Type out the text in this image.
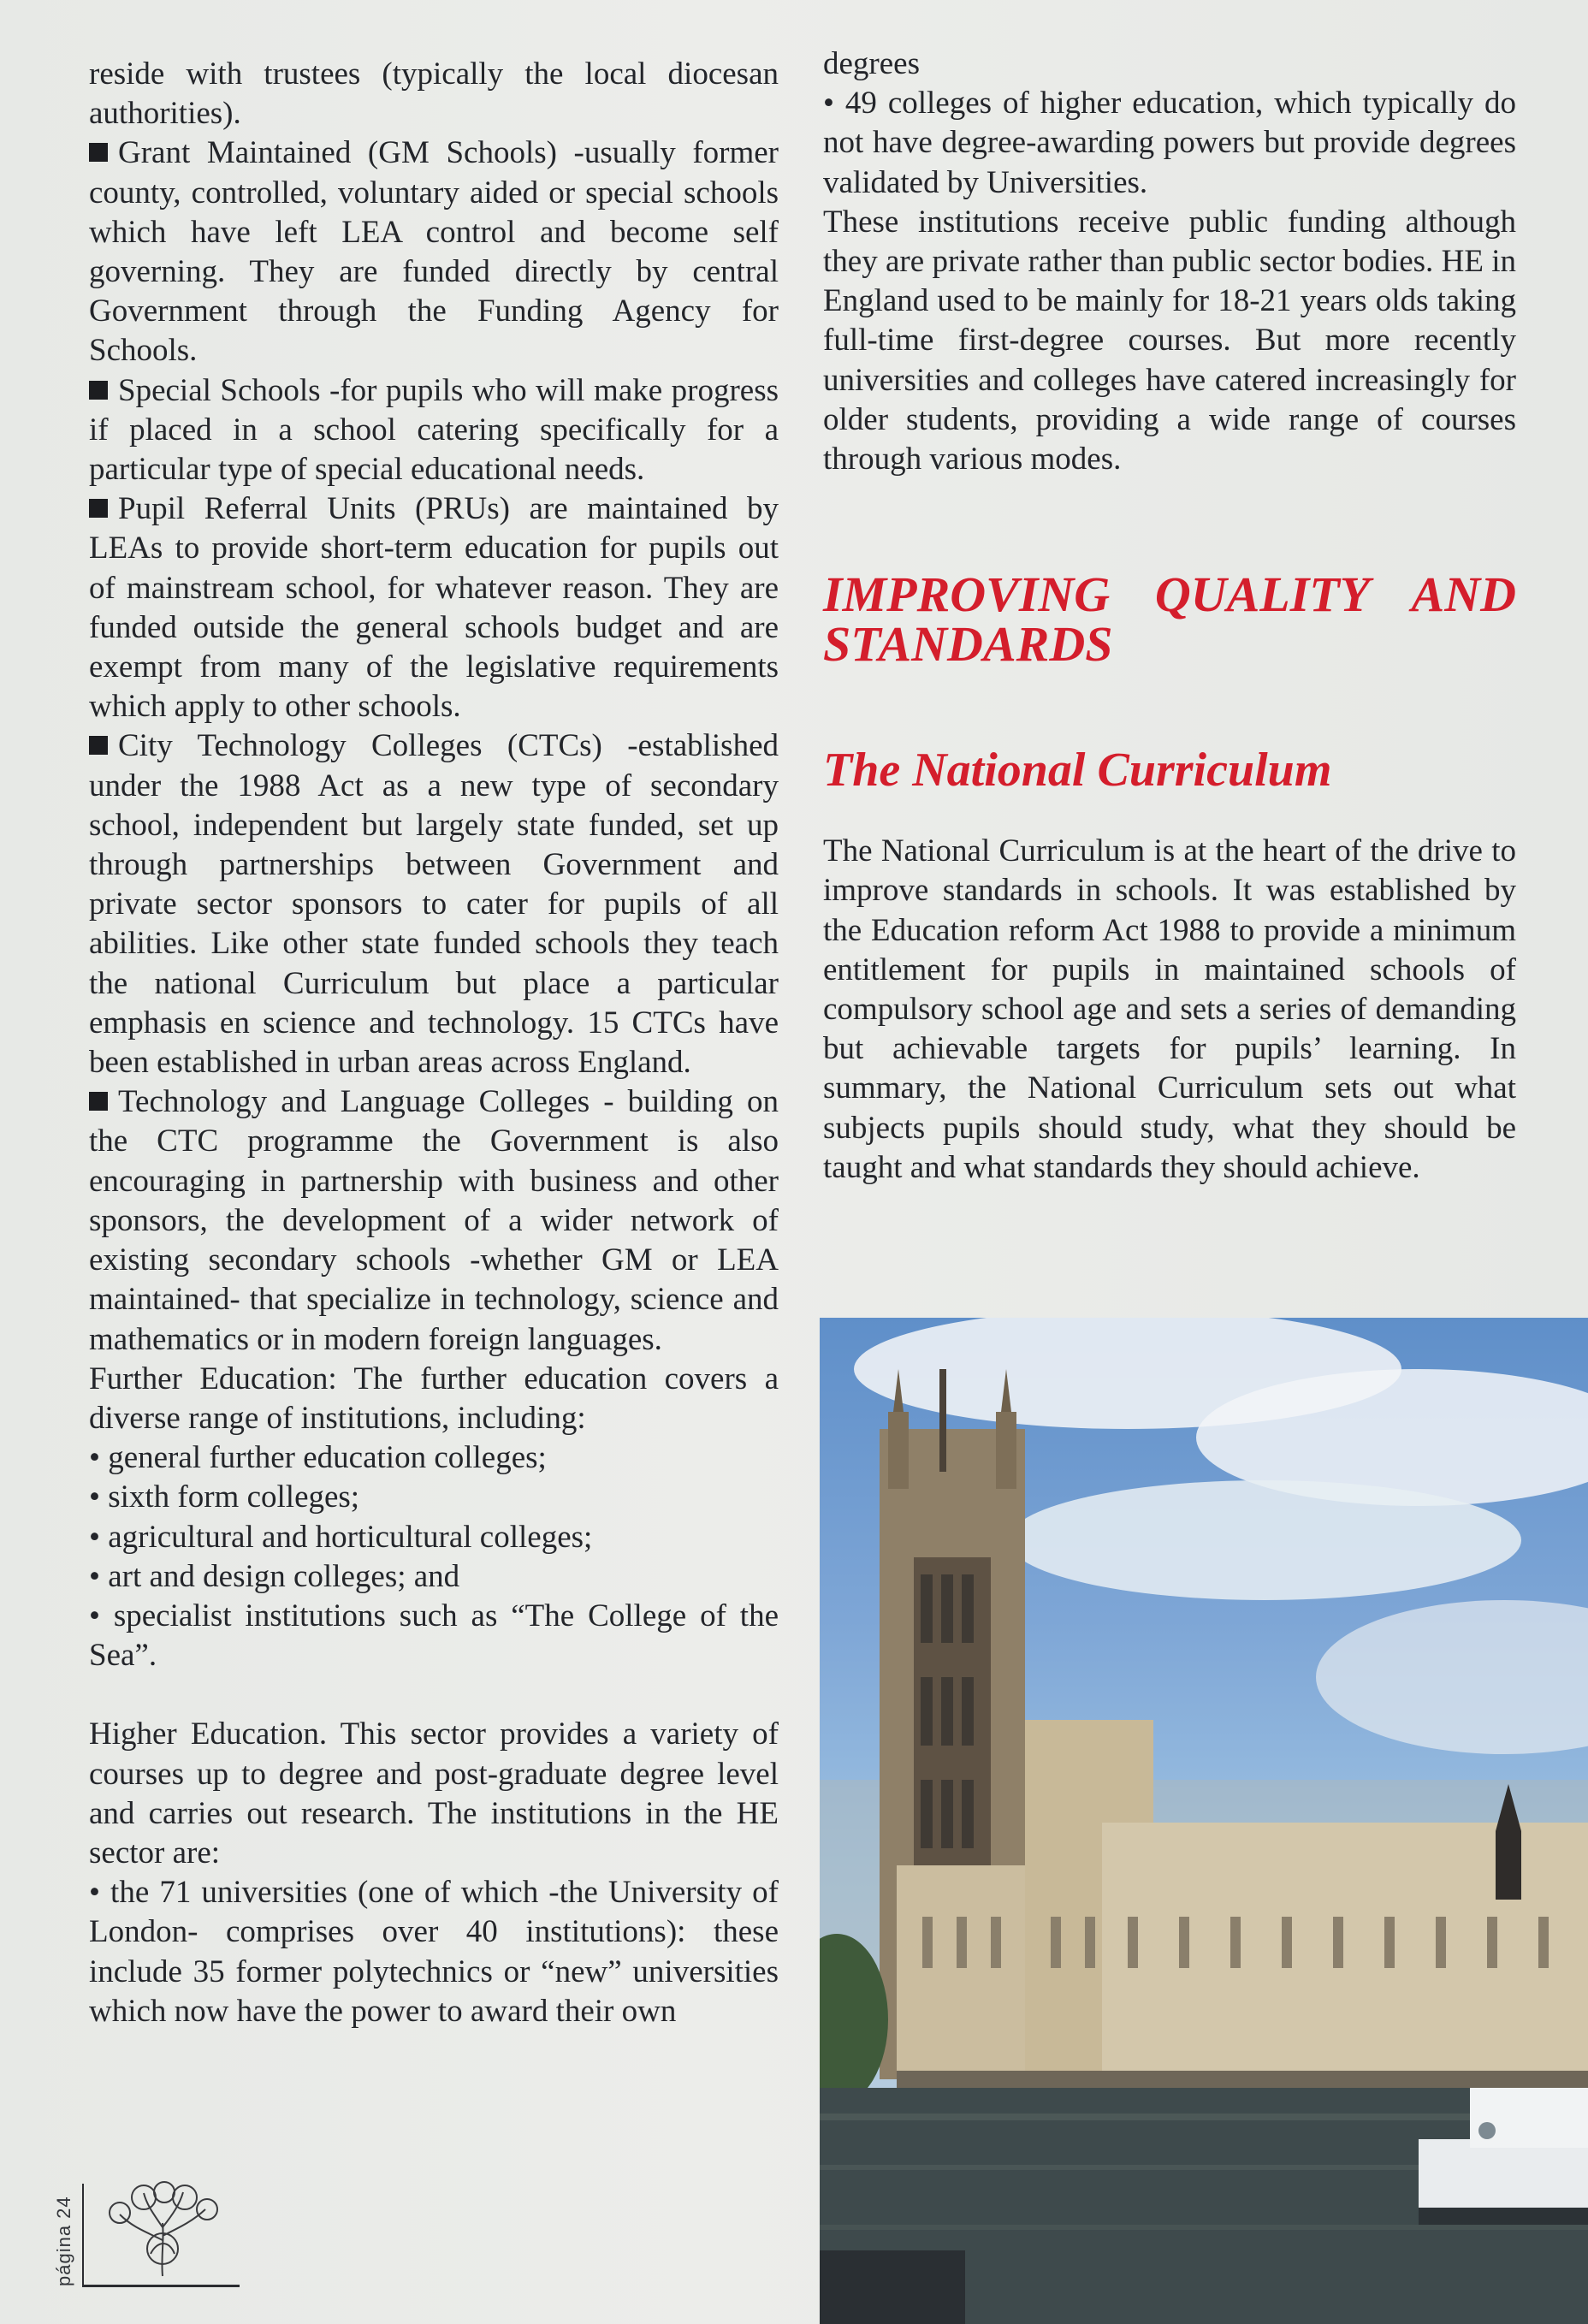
reside with trustees (typically the local diocesan authorities).

Grant Maintained (GM Schools) -usually former county, controlled, voluntary aided or special schools which have left LEA control and become self governing. They are funded directly by central Government through the Funding Agency for Schools.

Special Schools -for pupils who will make progress if placed in a school catering specifically for a particular type of special educational needs.

Pupil Referral Units (PRUs) are maintained by LEAs to provide short-term education for pupils out of mainstream school, for whatever reason. They are funded outside the general schools budget and are exempt from many of the legislative requirements which apply to other schools.

City Technology Colleges (CTCs) -established under the 1988 Act as a new type of secondary school, independent but largely state funded, set up through partnerships between Government and private sector sponsors to cater for pupils of all abilities. Like other state funded schools they teach the national Curriculum but place a particular emphasis en science and technology. 15 CTCs have been established in urban areas across England.

Technology and Language Colleges - building on the CTC programme the Government is also encouraging in partnership with business and other sponsors, the development of a wider network of existing secondary schools -whether GM or LEA maintained- that specialize in technology, science and mathematics or in modern foreign languages.

Further Education: The further education covers a diverse range of institutions, including:

• general further education colleges;

• sixth form colleges;

• agricultural and horticultural colleges;

• art and design colleges; and

• specialist institutions such as “The College of the Sea”.

Higher Education. This sector provides a variety of courses up to degree and post-graduate degree level and carries out research. The institutions in the HE sector are:

• the 71 universities (one of which -the University of London- comprises over 40 institutions): these include 35 former polytechnics or “new” universities which now have the power to award their own

degrees

• 49 colleges of higher education, which typically do not have degree-awarding powers but provide degrees validated by Universities.

These institutions receive public funding although they are private rather than public sector bodies. HE in England used to be mainly for 18-21 years olds taking full-time first-degree courses. But more recently universities and colleges have catered increasingly for older students, providing a wide range of courses through various modes.

IMPROVING QUALITY AND STANDARDS
The National Curriculum

The National Curriculum is at the heart of the drive to improve standards in schools. It was established by the Education reform Act 1988 to provide a minimum entitlement for pupils in maintained schools of compulsory school age and sets a series of demanding but achievable targets for pupils’ learning. In summary, the National Curriculum sets out what subjects pupils should study, what they should be taught and what standards they should achieve.

página 24
